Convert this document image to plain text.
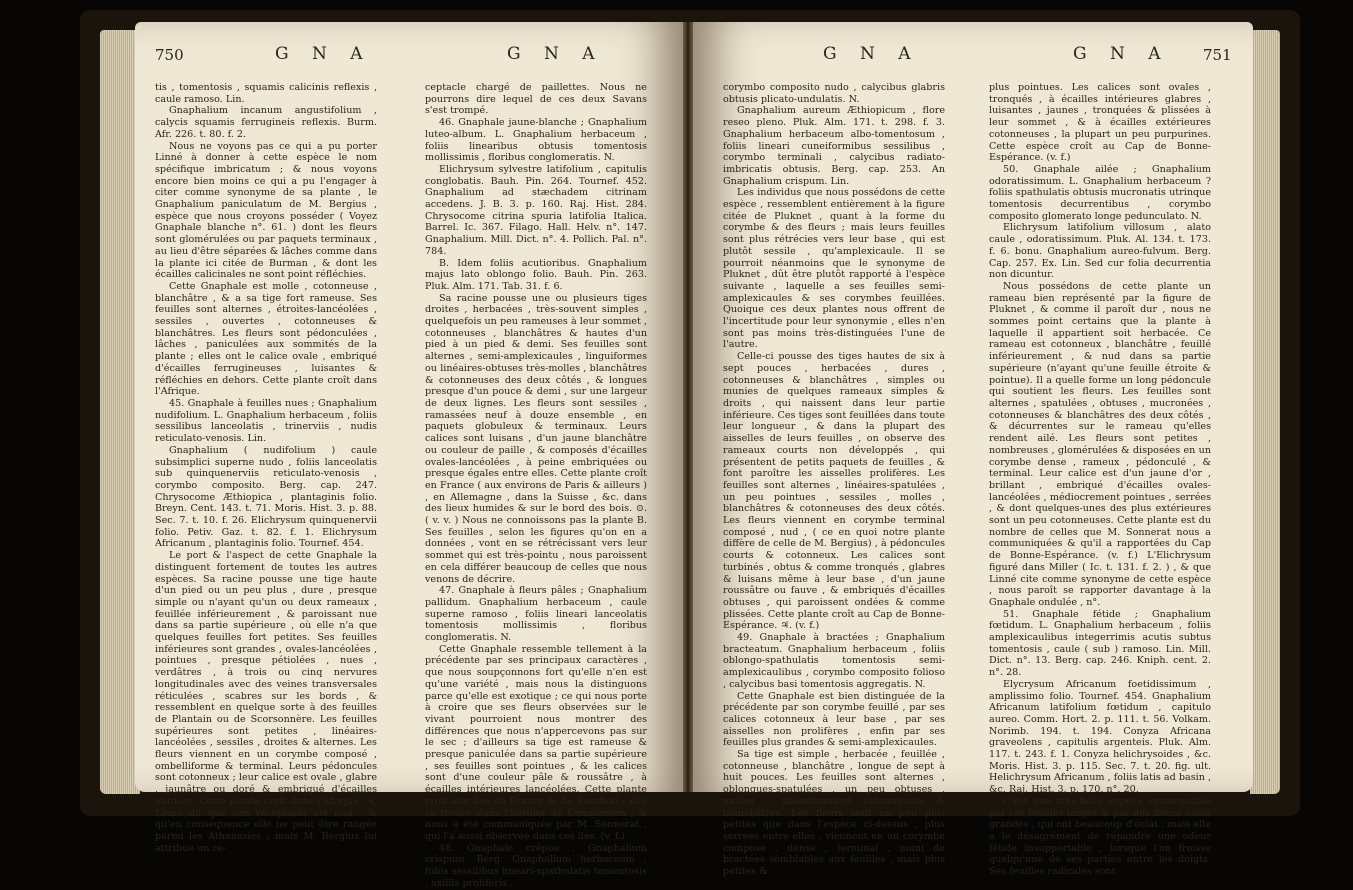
750	G N A	G N A

tis , tomentosis , squamis calicinis reflexis , caule ramoso. Lin.

Gnaphalium incanum angustifolium , calycis squamis ferrugineis reflexis. Burm. Afr. 226. t. 80. f. 2.

Nous ne voyons pas ce qui a pu porter Linné à donner à cette espèce le nom spécifique imbricatum ; & nous voyons encore bien moins ce qui a pu l'engager à citer comme synonyme de sa plante , le Gnaphalium paniculatum de M. Bergius , espèce que nous croyons posséder ( Voyez Gnaphale blanche n°. 61. ) dont les fleurs sont glomérulées ou par paquets terminaux , au lieu d'être séparées & lâches comme dans la plante ici citée de Burman , & dont les écailles calicinales ne sont point réfléchies.

Cette Gnaphale est molle , cotonneuse , blanchâtre , & a sa tige fort rameuse. Ses feuilles sont alternes , étroites-lancéolées , sessiles , ouvertes , cotonneuses & blanchâtres. Les fleurs sont pédonculées , lâches , paniculées aux sommités de la plante ; elles ont le calice ovale , embriqué d'écailles ferrugineuses , luisantes & réfléchies en dehors. Cette plante croît dans l'Afrique.

45. Gnaphale à feuilles nues ; Gnaphalium nudifolium. L. Gnaphalium herbaceum , foliis sessilibus lanceolatis , trinerviis , nudis reticulato-venosis. Lin.

Gnaphalium ( nudifolium ) caule subsimplici superne nudo , foliis lanceolatis sub quinquenerviis reticulato-venosis , corymbo composito. Berg. cap. 247. Chrysocome Æthiopica , plantaginis folio. Breyn. Cent. 143. t. 71. Moris. Hist. 3. p. 88. Sec. 7. t. 10. f. 26. Elichrysum quinquenervii folio. Petiv. Gaz. t. 82. f. 1. Elichrysum Africanum , plantaginis folio. Tournef. 454.

Le port & l'aspect de cette Gnaphale la distinguent fortement de toutes les autres espèces. Sa racine pousse une tige haute d'un pied ou un peu plus , dure , presque simple ou n'ayant qu'un ou deux rameaux , feuillée inférieurement , & paroissant nue dans sa partie supérieure , où elle n'a que quelques feuilles fort petites. Ses feuilles inférieures sont grandes , ovales-lancéolées , pointues , presque pétiolées , nues , verdâtres , à trois ou cinq nervures longitudinales avec des veines transversales réticulées , scabres sur les bords , & ressemblent en quelque sorte à des feuilles de Plantain ou de Scorsonnère. Les feuilles supérieures sont petites , linéaires-lancéolées , sessiles , droites & alternes. Les fleurs viennent en un corymbe composé , ombelliforme & terminal. Leurs pédoncules sont cotonneux ; leur calice est ovale , glabre , jaunâtre ou doré & embriqué d'écailles obtuses. Cette plante croît dans l'Afrique. ♃. Linné dit que son réceptacle est nud , & qu'en conséquence elle ne peut être rangée parmi les Athanasies ; mais M. Bergius lui attribue un ré-

ceptacle chargé de paillettes. Nous ne pourrons dire lequel de ces deux Savans s'est trompé.

46. Gnaphale jaune-blanche ; Gnaphalium luteo-album. L. Gnaphalium herbaceum , foliis linearibus obtusis tomentosis mollissimis , floribus conglomeratis. N.

Elichrysum sylvestre latifolium , capitulis conglobatis. Bauh. Pin. 264. Tournef. 452. Gnaphalium ad stæchadem citrinam accedens. J. B. 3. p. 160. Raj. Hist. 284. Chrysocome citrina spuria latifolia Italica. Barrel. Ic. 367. Filago. Hall. Helv. n°. 147. Gnaphalium. Mill. Dict. n°. 4. Pollich. Pal. n°. 784.

B. Idem foliis acutioribus. Gnaphalium majus lato oblongo folio. Bauh. Pin. 263. Pluk. Alm. 171. Tab. 31. f. 6.

Sa racine pousse une ou plusieurs tiges droites , herbacées , très-souvent simples , quelquefois un peu rameuses à leur sommet , cotonneuses , blanchâtres & hautes d'un pied à un pied & demi. Ses feuilles sont alternes , semi-amplexicaules , linguiformes ou linéaires-obtuses très-molles , blanchâtres & cotonneuses des deux côtés , & longues presque d'un pouce & demi , sur une largeur de deux lignes. Les fleurs sont sessiles , ramassées neuf à douze ensemble , en paquets globuleux & terminaux. Leurs calices sont luisans , d'un jaune blanchâtre ou couleur de paille , & composés d'écailles ovales-lancéolées , à peine embriquées ou presque égales entre elles. Cette plante croît en France ( aux environs de Paris & ailleurs ) , en Allemagne , dans la Suisse , &c. dans des lieux humides & sur le bord des bois. ⊙. ( v. v. ) Nous ne connoissons pas la plante B. Ses feuilles , selon les figures qu'on en a données , vont en se rétrécissant vers leur sommet qui est très-pointu , nous paroissent en cela différer beaucoup de celles que nous venons de décrire.

47. Gnaphale à fleurs pâles ; Gnaphalium pallidum. Gnaphalium herbaceum , caule superne ramoso , foliis lineari lanceolatis tomentosis mollissimis , floribus conglomeratis. N.

Cette Gnaphale ressemble tellement à la précédente par ses principaux caractères , que nous soupçonnons fort qu'elle n'en est qu'une variété , mais nous la distinguons parce qu'elle est exotique ; ce qui nous porte à croire que ses fleurs observées sur le vivant pourroient nous montrer des différences que nous n'appercevons pas sur le sec ; d'ailleurs sa tige est rameuse & presque paniculée dans sa partie supérieure , ses feuilles sont pointues , & les calices sont d'une couleur pâle & roussâtre , à écailles intérieures lancéolées. Cette plante croît aux îles de France & de Bourbon ; elle se trouve dans l'herbier de Commerson , & nous a été communiquée par M. Sonnerat , qui l'a aussi observée dans ces îles. (v. f.)

48. Gnaphale crêpue ; Gnaphalium crispum. Berg. Gnaphalium herbaceum , foliis sessilibus lineari-spathulatis tomentosis , axillis proliferis ,

G N A	G N A 751

corymbo composito nudo , calycibus glabris obtusis plicato-undulatis. N.

Gnaphalium aureum Æthiopicum , flore reseo pleno. Pluk. Alm. 171. t. 298. f. 3. Gnaphalium herbaceum albo-tomentosum , foliis lineari cuneiformibus sessilibus , corymbo terminali , calycibus radiato-imbricatis obtusis. Berg. cap. 253. An Gnaphalium crispum. Lin.

Les individus que nous possédons de cette espèce , ressemblent entièrement à la figure citée de Pluknet , quant à la forme du corymbe & des fleurs ; mais leurs feuilles sont plus rétrécies vers leur base , qui est plutôt sessile , qu'amplexicaule. Il se pourroit néanmoins que le synonyme de Pluknet , dût être plutôt rapporté à l'espèce suivante , laquelle a ses feuilles semi-amplexicaules & ses corymbes feuillées. Quoique ces deux plantes nous offrent de l'incertitude pour leur synonymie , elles n'en sont pas moins très-distinguées l'une de l'autre.

Celle-ci pousse des tiges hautes de six à sept pouces , herbacées , dures , cotonneuses & blanchâtres , simples ou munies de quelques rameaux simples & droits , qui naissent dans leur partie inférieure. Ces tiges sont feuillées dans toute leur longueur , & dans la plupart des aisselles de leurs feuilles , on observe des rameaux courts non développés , qui présentent de petits paquets de feuilles , & font paroître les aisselles prolifères. Les feuilles sont alternes , linéaires-spatulées , un peu pointues , sessiles , molles , blanchâtres & cotonneuses des deux côtés. Les fleurs viennent en corymbe terminal composé , nud , ( ce en quoi notre plante diffère de celle de M. Bergius) , à pédoncules courts & cotonneux. Les calices sont turbinés , obtus & comme tronqués , glabres & luisans même à leur base , d'un jaune roussâtre ou fauve , & embriqués d'écailles obtuses , qui paroissent ondées & comme plissées. Cette plante croît au Cap de Bonne-Espérance. ♃. (v. f.)

49. Gnaphale à bractées ; Gnaphalium bracteatum. Gnaphalium herbaceum , foliis oblongo-spathulatis tomentosis semi-amplexicaulibus , corymbo composito folioso , calycibus basi tomentosis aggregatis. N.

Cette Gnaphale est bien distinguée de la précédente par son corymbe feuillé , par ses calices cotonneux à leur base , par ses aisselles non prolifères , enfin par ses feuilles plus grandes & semi-amplexicaules.

Sa tige est simple , herbacée , feuillée , cotonneuse , blanchâtre , longue de sept à huit pouces. Les feuilles sont alternes , oblongues-spatulées , un peu obtuses , molles , abondamment cotonneuses & blanchâtres. Les fleurs sont un peu plus petites que dans l'espèce ci-dessus , plus serrées entre elles , viennent en un corymbe composé , dense , terminal , muni de bractées semblables aux feuilles , mais plus petites &

plus pointues. Les calices sont ovales , tronqués , à écailles intérieures glabres , luisantes , jaunes , tronquées & plissées à leur sommet , & à écailles extérieures cotonneuses , la plupart un peu purpurines. Cette espèce croît au Cap de Bonne-Espérance. (v. f.)

50. Gnaphale ailée ; Gnaphalium odoratissimum. L. Gnaphalium herbaceum ? foliis spathulatis obtusis mucronatis utrinque tomentosis decurrentibus , corymbo composito glomerato longe pedunculato. N.

Elichrysum latifolium villosum , alato caule , odoratissimum. Pluk. Al. 134. t. 173. f. 6. bonu. Gnaphalium aureo-fulvum. Berg. Cap. 257. Ex. Lin. Sed cur folia decurrentia non dicuntur.

Nous possédons de cette plante un rameau bien représenté par la figure de Pluknet , & comme il paroît dur , nous ne sommes point certains que la plante à laquelle il appartient soit herbacée. Ce rameau est cotonneux , blanchâtre , feuillé inférieurement , & nud dans sa partie supérieure (n'ayant qu'une feuille étroite & pointue). Il a quelle forme un long pédoncule qui soutient les fleurs. Les feuilles sont alternes , spatulées , obtuses , mucronées , cotonneuses & blanchâtres des deux côtés , & décurrentes sur le rameau qu'elles rendent ailé. Les fleurs sont petites , nombreuses , glomérulées & disposées en un corymbe dense , rameux , pédonculé , & terminal. Leur calice est d'un jaune d'or , brillant , embriqué d'écailles ovales-lancéolées , médiocrement pointues , serrées , & dont quelques-unes des plus extérieures sont un peu cotonneuses. Cette plante est du nombre de celles que M. Sonnerat nous a communiquées & qu'il a rapportées du Cap de Bonne-Espérance. (v. f.) L'Elichrysum figuré dans Miller ( Ic. t. 131. f. 2. ) , & que Linné cite comme synonyme de cette espèce , nous paroît se rapporter davantage à la Gnaphale ondulée , n°.

51. Gnaphale fétide ; Gnaphalium fœtidum. L. Gnaphalium herbaceum , foliis amplexicaulibus integerrimis acutis subtus tomentosis , caule ( sub ) ramoso. Lin. Mill. Dict. n°. 13. Berg. cap. 246. Kniph. cent. 2. n°. 28.

Elycrysum Africanum foetidissimum , amplissimo folio. Tournef. 454. Gnaphalium Africanum latifolium fœtidum , capitulo aureo. Comm. Hort. 2. p. 111. t. 56. Volkam. Norimb. 194. t. 194. Conyza Africana graveolens , capitulis argenteis. Pluk. Alm. 117. t. 243. f. 1. Conyza helichrysoides , &c. Moris. Hist. 3. p. 115. Sec. 7. t. 20. fig. ult. Helichrysum Africanum , foliis latis ad basin , &c. Raj. Hist. 3. p. 170. n°. 20.

C'est une très-belle espèce remarquable par ses feuilles larges & par des fleurs assez grandes , qui ont beaucoup d'éclat ; mais elle a le désagrément de répandre une odeur fétide insupportable , lorsque l'on froisse quelqu'une de ses parties entre les doigts. Ses feuilles radicales sont
